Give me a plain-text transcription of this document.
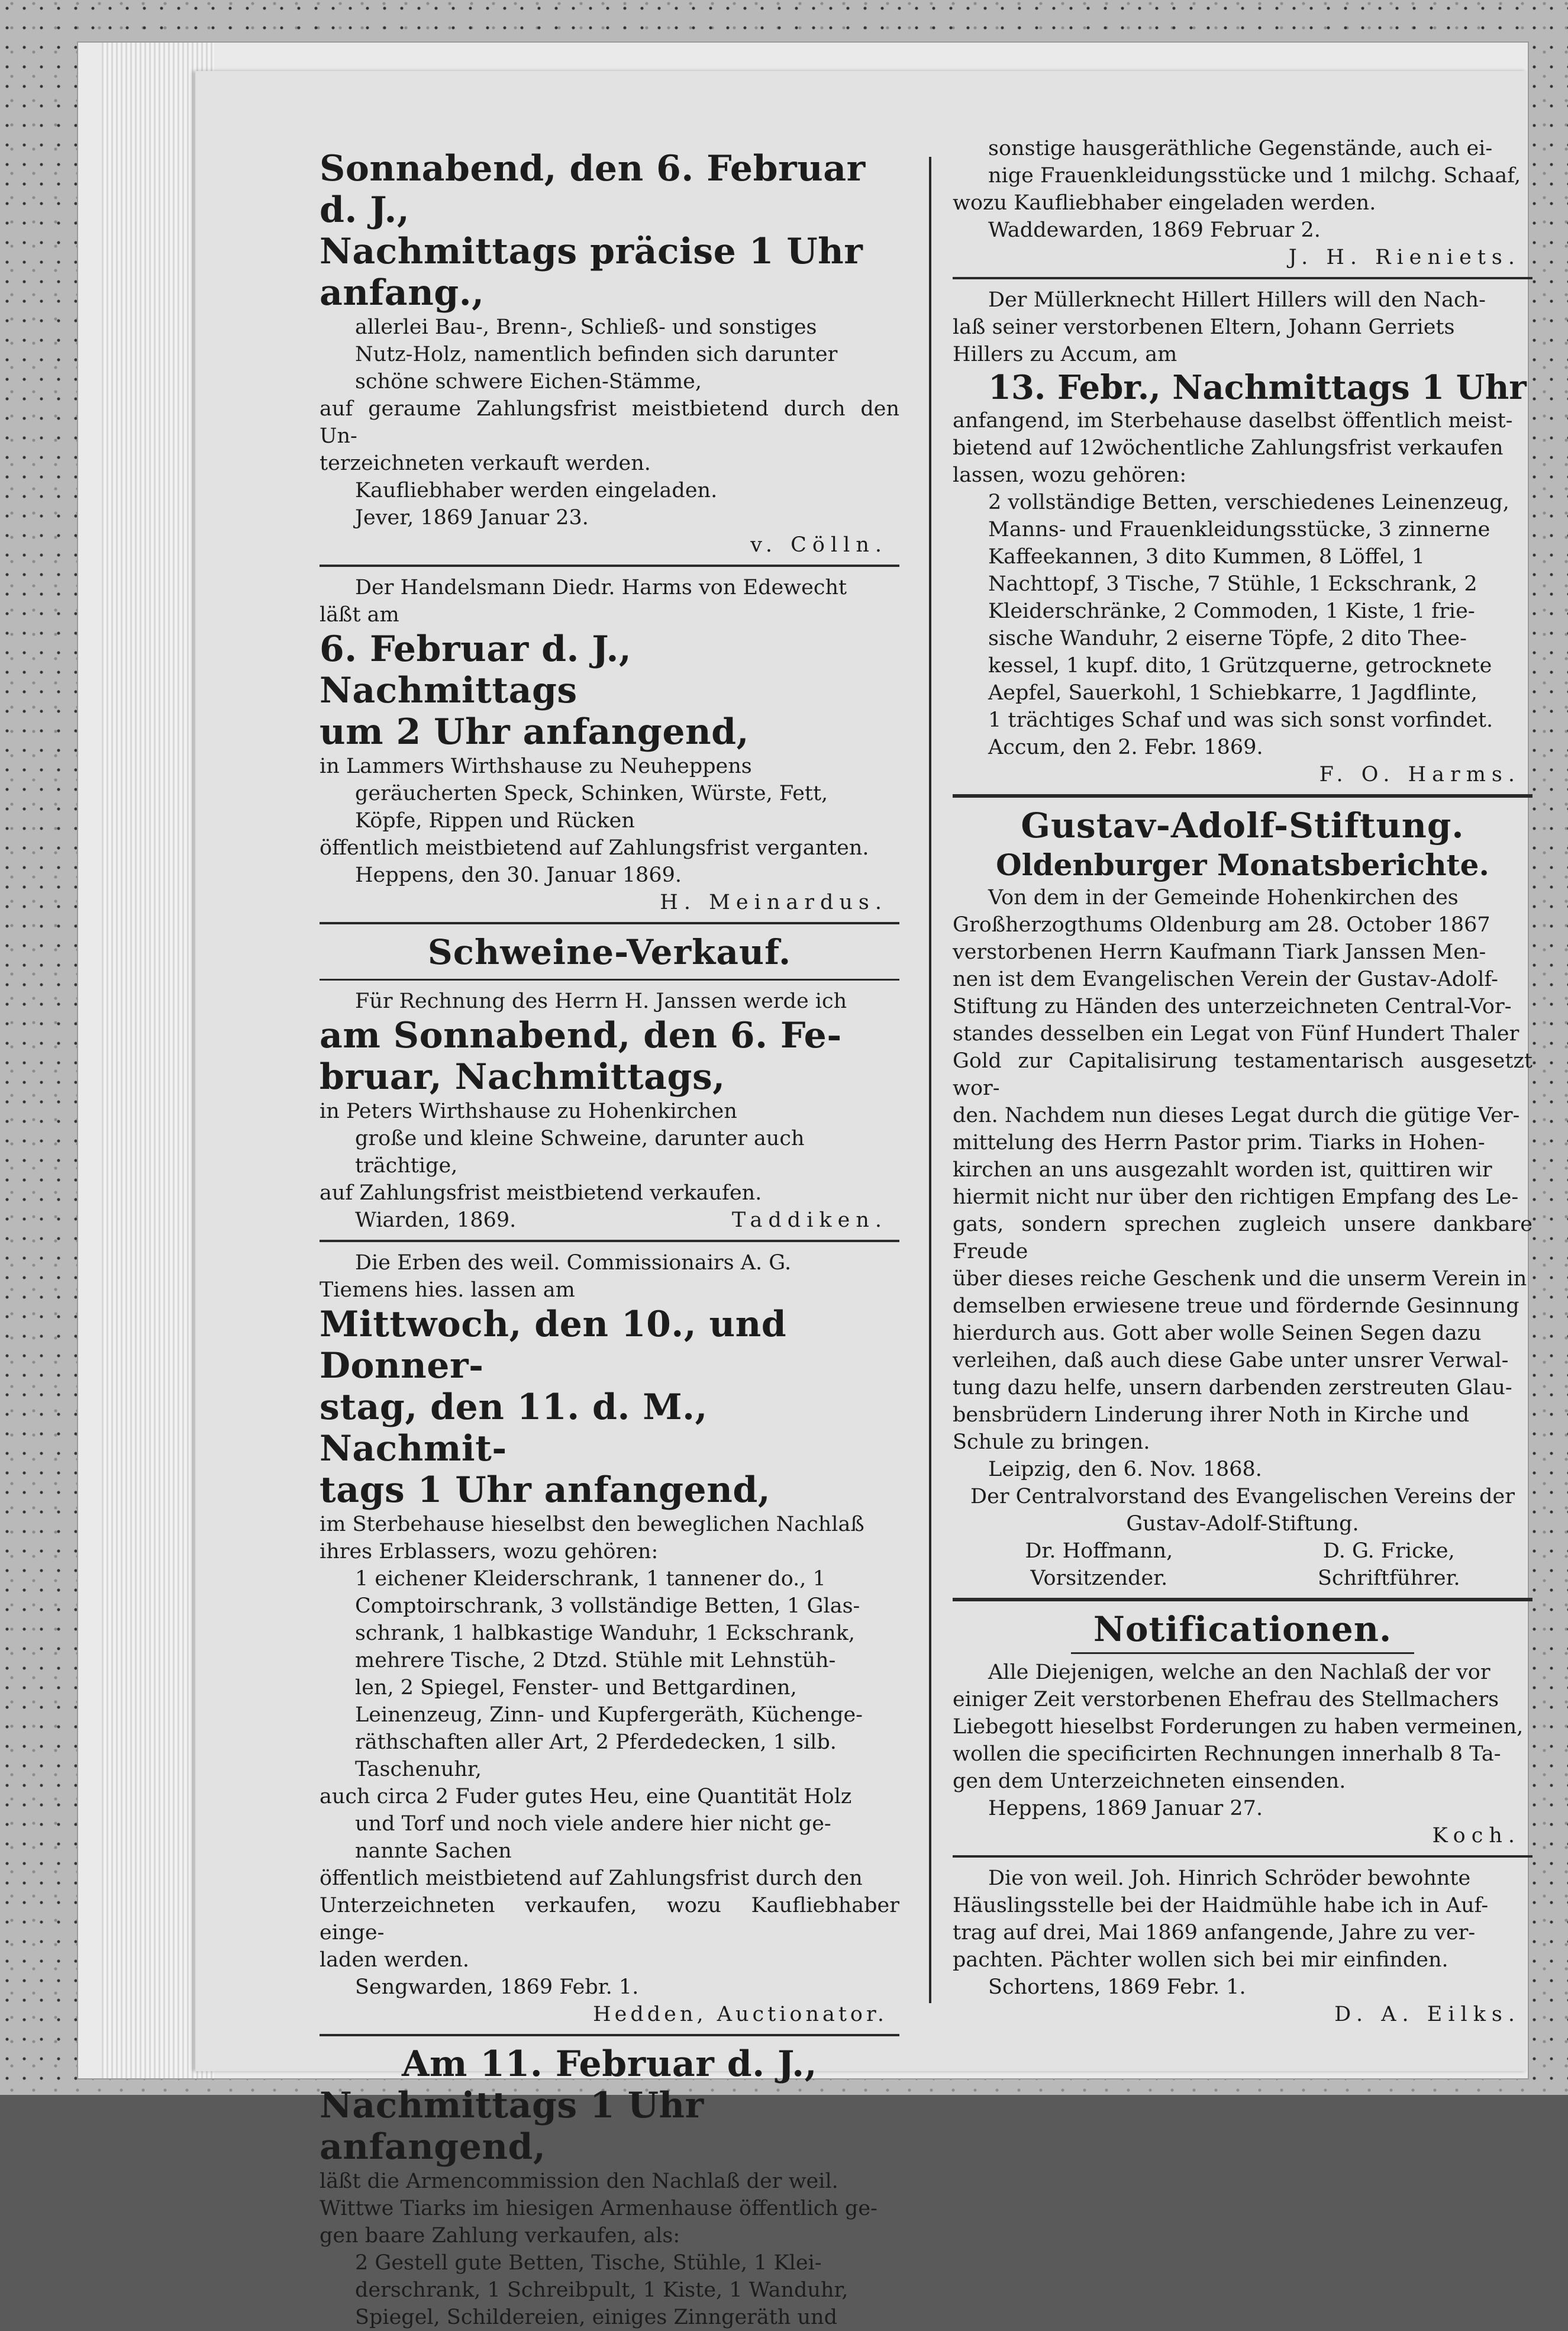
Sonnabend, den 6. Februar d. J.,

Nachmittags präcise 1 Uhr anfang.,

allerlei Bau-, Brenn-, Schließ- und sonstiges

Nutz-Holz, namentlich befinden sich darunter

schöne schwere Eichen-Stämme,

auf geraume Zahlungsfrist meistbietend durch den Un-

terzeichneten verkauft werden.

Kaufliebhaber werden eingeladen.

Jever, 1869 Januar 23.

v. Cölln.

Der Handelsmann Diedr. Harms von Edewecht

läßt am

6. Februar d. J., Nachmittags

um 2 Uhr anfangend,

in Lammers Wirthshause zu Neuheppens

geräucherten Speck, Schinken, Würste, Fett,

Köpfe, Rippen und Rücken

öffentlich meistbietend auf Zahlungsfrist verganten.

Heppens, den 30. Januar 1869.

H. Meinardus.

Schweine-Verkauf.

Für Rechnung des Herrn H. Janssen werde ich

am Sonnabend, den 6. Fe-

bruar, Nachmittags,

in Peters Wirthshause zu Hohenkirchen

große und kleine Schweine, darunter auch

trächtige,

auf Zahlungsfrist meistbietend verkaufen.

Wiarden, 1869.	Taddiken.

Die Erben des weil. Commissionairs A. G.

Tiemens hies. lassen am

Mittwoch, den 10., und Donner-

stag, den 11. d. M., Nachmit-

tags 1 Uhr anfangend,

im Sterbehause hieselbst den beweglichen Nachlaß

ihres Erblassers, wozu gehören:

1 eichener Kleiderschrank, 1 tannener do., 1

Comptoirschrank, 3 vollständige Betten, 1 Glas-

schrank, 1 halbkastige Wanduhr, 1 Eckschrank,

mehrere Tische, 2 Dtzd. Stühle mit Lehnstüh-

len, 2 Spiegel, Fenster- und Bettgardinen,

Leinenzeug, Zinn- und Kupfergeräth, Küchenge-

räthschaften aller Art, 2 Pferdedecken, 1 silb.

Taschenuhr,

auch circa 2 Fuder gutes Heu, eine Quantität Holz

und Torf und noch viele andere hier nicht ge-

nannte Sachen

öffentlich meistbietend auf Zahlungsfrist durch den

Unterzeichneten verkaufen, wozu Kaufliebhaber einge-

laden werden.

Sengwarden, 1869 Febr. 1.

Hedden, Auctionator.

Am 11. Februar d. J.,

Nachmittags 1 Uhr anfangend,

läßt die Armencommission den Nachlaß der weil.

Wittwe Tiarks im hiesigen Armenhause öffentlich ge-

gen baare Zahlung verkaufen, als:

2 Gestell gute Betten, Tische, Stühle, 1 Klei-

derschrank, 1 Schreibpult, 1 Kiste, 1 Wanduhr,

Spiegel, Schildereien, einiges Zinngeräth und

sonstige hausgeräthliche Gegenstände, auch ei-

nige Frauenkleidungsstücke und 1 milchg. Schaaf,

wozu Kaufliebhaber eingeladen werden.

Waddewarden, 1869 Februar 2.

J. H. Rieniets.

Der Müllerknecht Hillert Hillers will den Nach-

laß seiner verstorbenen Eltern, Johann Gerriets

Hillers zu Accum, am

13. Febr., Nachmittags 1 Uhr

anfangend, im Sterbehause daselbst öffentlich meist-

bietend auf 12wöchentliche Zahlungsfrist verkaufen

lassen, wozu gehören:

2 vollständige Betten, verschiedenes Leinenzeug,

Manns- und Frauenkleidungsstücke, 3 zinnerne

Kaffeekannen, 3 dito Kummen, 8 Löffel, 1

Nachttopf, 3 Tische, 7 Stühle, 1 Eckschrank, 2

Kleiderschränke, 2 Commoden, 1 Kiste, 1 frie-

sische Wanduhr, 2 eiserne Töpfe, 2 dito Thee-

kessel, 1 kupf. dito, 1 Grützquerne, getrocknete

Aepfel, Sauerkohl, 1 Schiebkarre, 1 Jagdflinte,

1 trächtiges Schaf und was sich sonst vorfindet.

Accum, den 2. Febr. 1869.

F. O. Harms.

Gustav-Adolf-Stiftung.

Oldenburger Monatsberichte.

Von dem in der Gemeinde Hohenkirchen des

Großherzogthums Oldenburg am 28. October 1867

verstorbenen Herrn Kaufmann Tiark Janssen Men-

nen ist dem Evangelischen Verein der Gustav-Adolf-

Stiftung zu Händen des unterzeichneten Central-Vor-

standes desselben ein Legat von Fünf Hundert Thaler

Gold zur Capitalisirung testamentarisch ausgesetzt wor-

den. Nachdem nun dieses Legat durch die gütige Ver-

mittelung des Herrn Pastor prim. Tiarks in Hohen-

kirchen an uns ausgezahlt worden ist, quittiren wir

hiermit nicht nur über den richtigen Empfang des Le-

gats, sondern sprechen zugleich unsere dankbare Freude

über dieses reiche Geschenk und die unserm Verein in

demselben erwiesene treue und fördernde Gesinnung

hierdurch aus. Gott aber wolle Seinen Segen dazu

verleihen, daß auch diese Gabe unter unsrer Verwal-

tung dazu helfe, unsern darbenden zerstreuten Glau-

bensbrüdern Linderung ihrer Noth in Kirche und

Schule zu bringen.

Leipzig, den 6. Nov. 1868.

Der Centralvorstand des Evangelischen Vereins der

Gustav-Adolf-Stiftung.

Dr. Hoffmann,
Vorsitzender.
D. G. Fricke,
Schriftführer.

Notificationen.

Alle Diejenigen, welche an den Nachlaß der vor

einiger Zeit verstorbenen Ehefrau des Stellmachers

Liebegott hieselbst Forderungen zu haben vermeinen,

wollen die specificirten Rechnungen innerhalb 8 Ta-

gen dem Unterzeichneten einsenden.

Heppens, 1869 Januar 27.

Koch.

Die von weil. Joh. Hinrich Schröder bewohnte

Häuslingsstelle bei der Haidmühle habe ich in Auf-

trag auf drei, Mai 1869 anfangende, Jahre zu ver-

pachten. Pächter wollen sich bei mir einfinden.

Schortens, 1869 Febr. 1.

D. A. Eilks.
